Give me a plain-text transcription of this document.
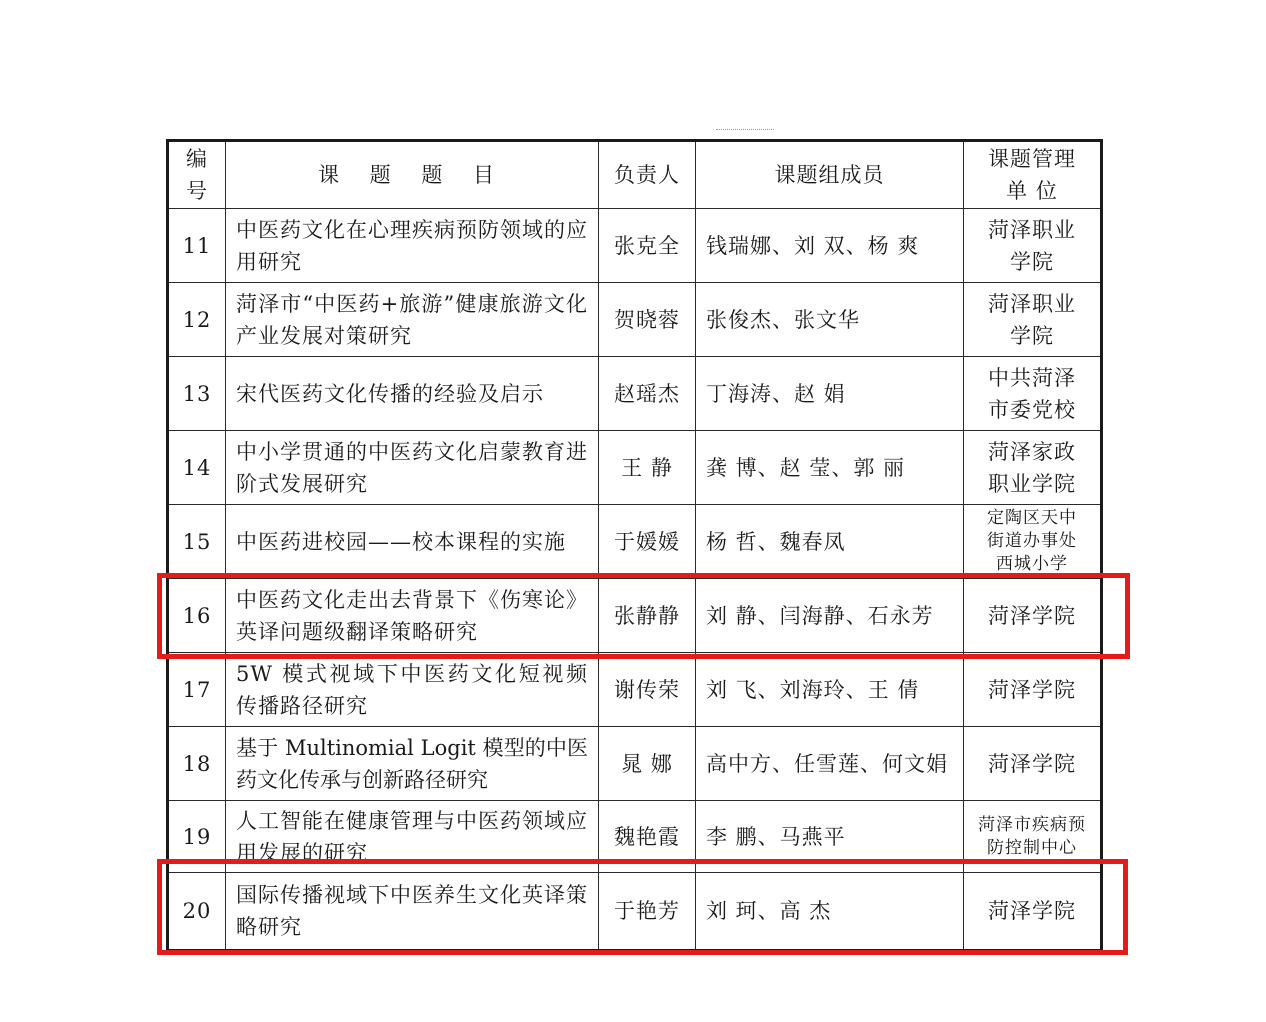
编号	课 题 题 目	负责人	课题组成员	课题管理单 位
11	中医药文化在心理疾病预防领域的应用研究	张克全	钱瑞娜、刘 双、杨 爽	菏泽职业学院
12	菏泽市“中医药+旅游”健康旅游文化产业发展对策研究	贺晓蓉	张俊杰、张文华	菏泽职业学院
13	宋代医药文化传播的经验及启示	赵瑶杰	丁海涛、赵 娟	中共菏泽市委党校
14	中小学贯通的中医药文化启蒙教育进阶式发展研究	王 静	龚 博、赵 莹、郭 丽	菏泽家政职业学院
15	中医药进校园——校本课程的实施	于媛媛	杨 哲、魏春凤	定陶区天中街道办事处西城小学
16	中医药文化走出去背景下《伤寒论》英译问题级翻译策略研究	张静静	刘 静、闫海静、石永芳	菏泽学院
17	5W 模式视域下中医药文化短视频传播路径研究	谢传荣	刘 飞、刘海玲、王 倩	菏泽学院
18	基于 Multinomial Logit 模型的中医药文化传承与创新路径研究	晁 娜	高中方、任雪莲、何文娟	菏泽学院
19	人工智能在健康管理与中医药领域应用发展的研究	魏艳霞	李 鹏、马燕平	菏泽市疾病预防控制中心
20	国际传播视域下中医养生文化英译策略研究	于艳芳	刘 珂、高 杰	菏泽学院
